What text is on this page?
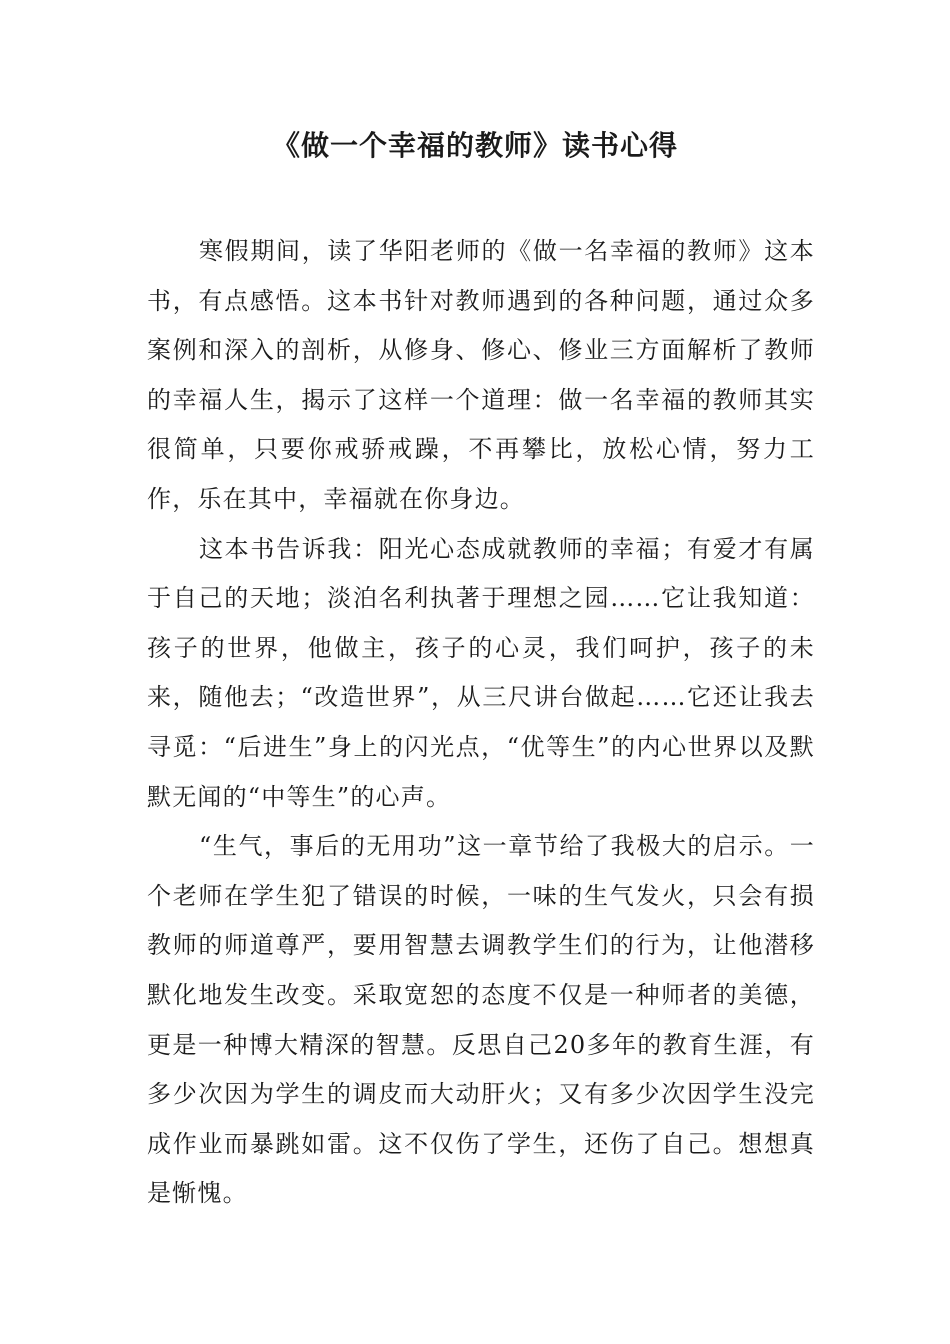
《做一个幸福的教师》读书心得

寒假期间，读了华阳老师的《做一名幸福的教师》这本书，有点感悟。这本书针对教师遇到的各种问题，通过众多案例和深入的剖析，从修身、修心、修业三方面解析了教师的幸福人生，揭示了这样一个道理：做一名幸福的教师其实很简单，只要你戒骄戒躁，不再攀比，放松心情，努力工作，乐在其中，幸福就在你身边。

这本书告诉我：阳光心态成就教师的幸福；有爱才有属于自己的天地；淡泊名利执著于理想之园……它让我知道：孩子的世界，他做主，孩子的心灵，我们呵护，孩子的未来，随他去；“改造世界”，从三尺讲台做起……它还让我去寻觅：“后进生”身上的闪光点，“优等生”的内心世界以及默默无闻的“中等生”的心声。

“生气，事后的无用功”这一章节给了我极大的启示。一个老师在学生犯了错误的时候，一味的生气发火，只会有损教师的师道尊严，要用智慧去调教学生们的行为，让他潜移默化地发生改变。采取宽恕的态度不仅是一种师者的美德，更是一种博大精深的智慧。反思自己20多年的教育生涯，有多少次因为学生的调皮而大动肝火；又有多少次因学生没完成作业而暴跳如雷。这不仅伤了学生，还伤了自己。想想真是惭愧。
